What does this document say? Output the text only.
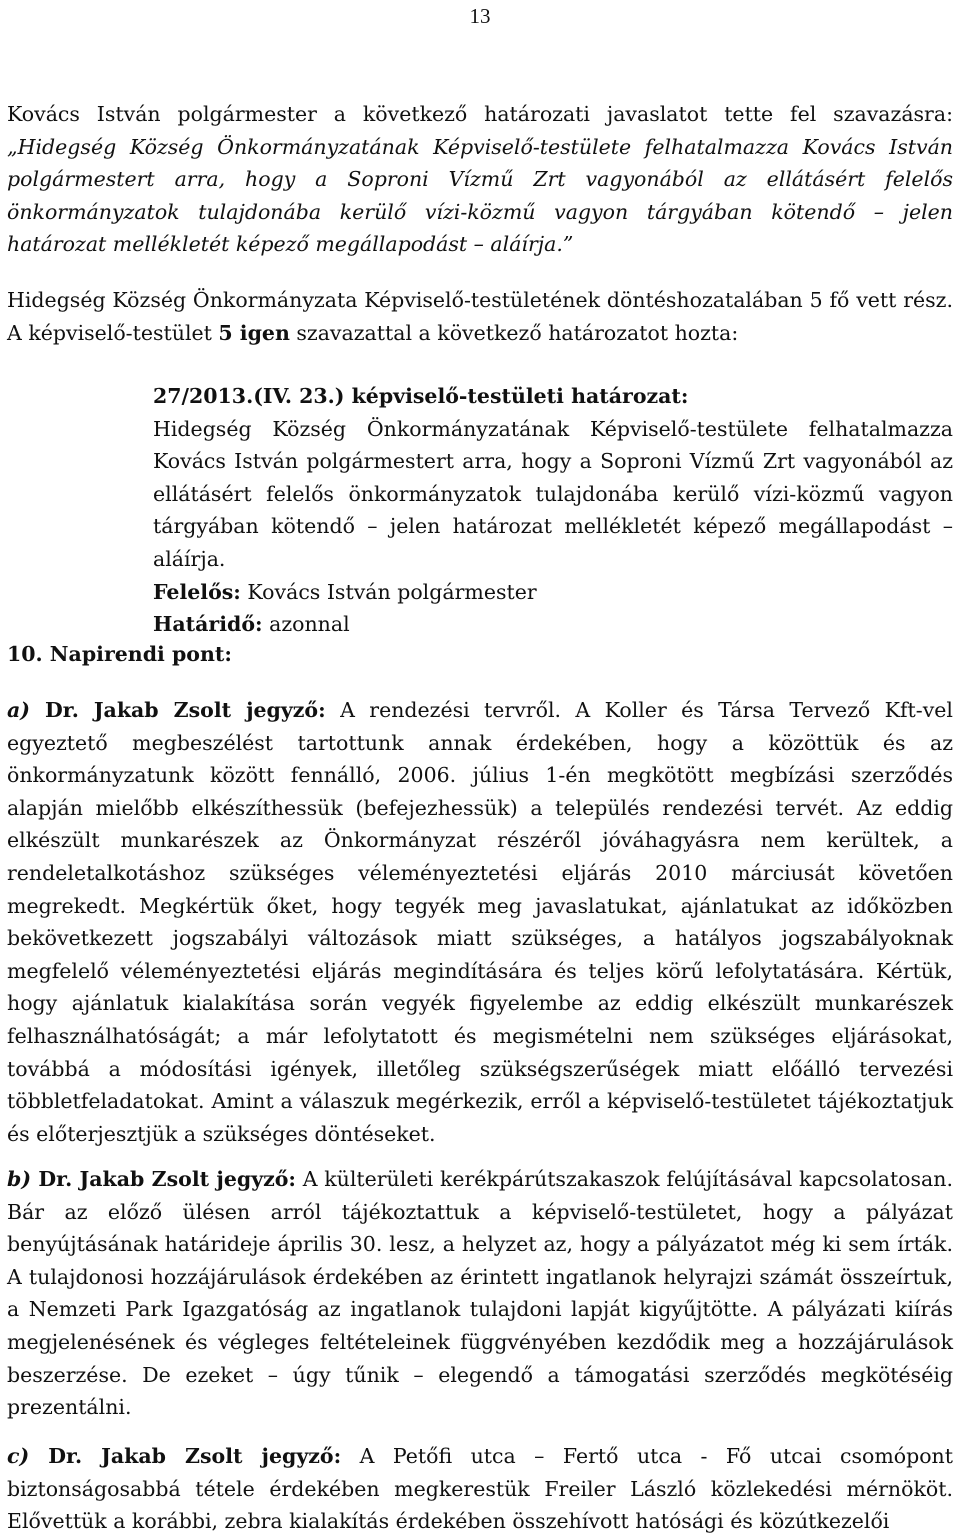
13

Kovács István polgármester a következő határozati javaslatot tette fel szavazásra: „Hidegség Község Önkormányzatának Képviselő-testülete felhatalmazza Kovács István polgármestert arra, hogy a Soproni Vízmű Zrt vagyonából az ellátásért felelős önkormányzatok tulajdonába kerülő vízi-közmű vagyon tárgyában kötendő – jelen határozat mellékletét képező megállapodást – aláírja.”

Hidegség Község Önkormányzata Képviselő-testületének döntéshozatalában 5 fő vett rész. A képviselő-testület 5 igen szavazattal a következő határozatot hozta:

27/2013.(IV. 23.) képviselő-testületi határozat:
Hidegség Község Önkormányzatának Képviselő-testülete felhatalmazza Kovács István polgármestert arra, hogy a Soproni Vízmű Zrt vagyonából az ellátásért felelős önkormányzatok tulajdonába kerülő vízi-közmű vagyon tárgyában kötendő – jelen határozat mellékletét képező megállapodást – aláírja.
Felelős: Kovács István polgármester
Határidő: azonnal
10. Napirendi pont:

a) Dr. Jakab Zsolt jegyző: A rendezési tervről. A Koller és Társa Tervező Kft-vel egyeztető megbeszélést tartottunk annak érdekében, hogy a közöttük és az önkormányzatunk között fennálló, 2006. július 1-én megkötött megbízási szerződés alapján mielőbb elkészíthessük (befejezhessük) a település rendezési tervét. Az eddig elkészült munkarészek az Önkormányzat részéről jóváhagyásra nem kerültek, a rendeletalkotáshoz szükséges véleményeztetési eljárás 2010 márciusát követően megrekedt. Megkértük őket, hogy tegyék meg javaslatukat, ajánlatukat az időközben bekövetkezett jogszabályi változások miatt szükséges, a hatályos jogszabályoknak megfelelő véleményeztetési eljárás megindítására és teljes körű lefolytatására. Kértük, hogy ajánlatuk kialakítása során vegyék figyelembe az eddig elkészült munkarészek felhasználhatóságát; a már lefolytatott és megismételni nem szükséges eljárásokat, továbbá a módosítási igények, illetőleg szükségszerűségek miatt előálló tervezési többletfeladatokat. Amint a válaszuk megérkezik, erről a képviselő-testületet tájékoztatjuk és előterjesztjük a szükséges döntéseket.

b) Dr. Jakab Zsolt jegyző: A külterületi kerékpárútszakaszok felújításával kapcsolatosan. Bár az előző ülésen arról tájékoztattuk a képviselő-testületet, hogy a pályázat benyújtásának határideje április 30. lesz, a helyzet az, hogy a pályázatot még ki sem írták. A tulajdonosi hozzájárulások érdekében az érintett ingatlanok helyrajzi számát összeírtuk, a Nemzeti Park Igazgatóság az ingatlanok tulajdoni lapját kigyűjtötte. A pályázati kiírás megjelenésének és végleges feltételeinek függvényében kezdődik meg a hozzájárulások beszerzése. De ezeket – úgy tűnik – elegendő a támogatási szerződés megkötéséig prezentálni.

c) Dr. Jakab Zsolt jegyző: A Petőfi utca – Fertő utca - Fő utcai csomópont biztonságosabbá tétele érdekében megkerestük Freiler László közlekedési mérnököt. Elővettük a korábbi, zebra kialakítás érdekében összehívott hatósági és közútkezelői
